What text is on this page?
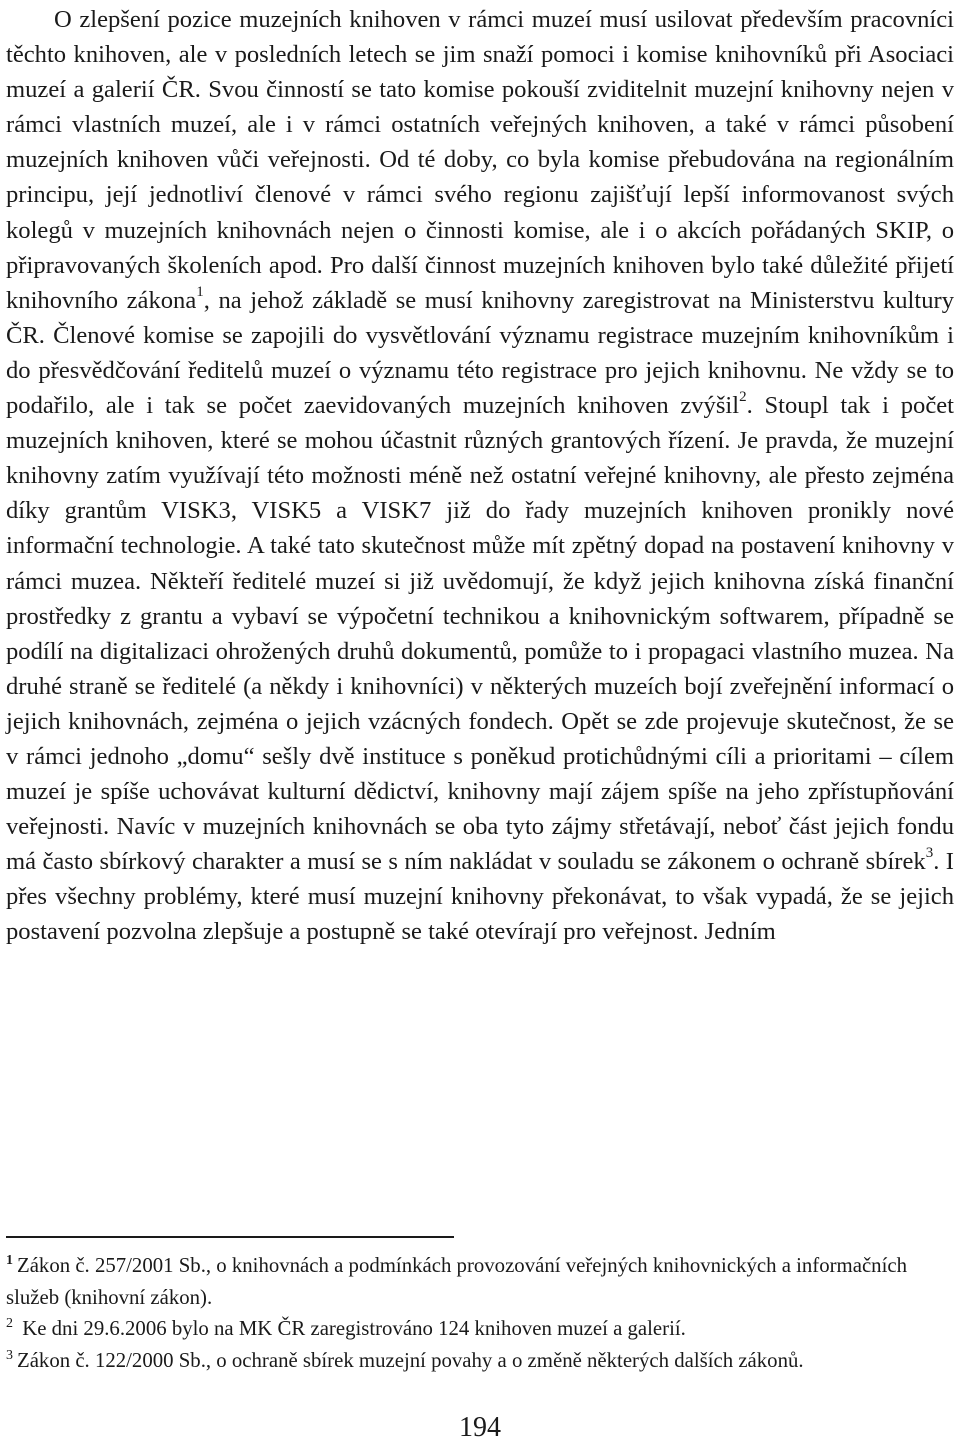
O zlepšení pozice muzejních knihoven v rámci muzeí musí usilovat především pracovníci těchto knihoven, ale v posledních letech se jim snaží pomoci i komise knihovníků při Asociaci muzeí a galerií ČR. Svou činností se tato komise pokouší zviditelnit muzejní knihovny nejen v rámci vlastních muzeí, ale i v rámci ostatních veřejných knihoven, a také v rámci působení muzejních knihoven vůči veřejnosti. Od té doby, co byla komise přebudována na regionálním principu, její jednotliví členové v rámci svého regionu zajišťují lepší informovanost svých kolegů v muzejních knihovnách nejen o činnosti komise, ale i o akcích pořádaných SKIP, o připravovaných školeních apod. Pro další činnost muzejních knihoven bylo také důležité přijetí knihovního zákona$^1$, na jehož základě se musí knihovny zaregistrovat na Ministerstvu kultury ČR. Členové komise se zapojili do vysvětlování významu registrace muzejním knihovníkům i do přesvědčování ředitelů muzeí o významu této registrace pro jejich knihovnu. Ne vždy se to podařilo, ale i tak se počet zaevidovaných muzejních knihoven zvýšil$^2$. Stoupl tak i počet muzejních knihoven, které se mohou účastnit různých grantových řízení. Je pravda, že muzejní knihovny zatím využívají této možnosti méně než ostatní veřejné knihovny, ale přesto zejména díky grantům VISK3, VISK5 a VISK7 již do řady muzejních knihoven pronikly nové informační technologie. A také tato skutečnost může mít zpětný dopad na postavení knihovny v rámci muzea. Někteří ředitelé muzeí si již uvědomují, že když jejich knihovna získá finanční prostředky z grantu a vybaví se výpočetní technikou a knihovnickým softwarem, případně se podílí na digitalizaci ohrožených druhů dokumentů, pomůže to i propagaci vlastního muzea. Na druhé straně se ředitelé (a někdy i knihovníci) v některých muzeích bojí zveřejnění informací o jejich knihovnách, zejména o jejich vzácných fondech. Opět se zde projevuje skutečnost, že se v rámci jednoho „domu“ sešly dvě instituce s poněkud protichůdnými cíli a prioritami – cílem muzeí je spíše uchovávat kulturní dědictví, knihovny mají zájem spíše na jeho zpřístupňování veřejnosti. Navíc v muzejních knihovnách se oba tyto zájmy střetávají, neboť část jejich fondu má často sbírkový charakter a musí se s ním nakládat v souladu se zákonem o ochraně sbírek$^3$. I přes všechny problémy, které musí muzejní knihovny překonávat, to však vypadá, že se jejich postavení pozvolna zlepšuje a postupně se také otevírají pro veřejnost. Jedním

$^1$ Zákon č. 257/2001 Sb., o knihovnách a podmínkách provozování veřejných knihovnických a informačních služeb (knihovní zákon).

$^2$ Ke dni 29.6.2006 bylo na MK ČR zaregistrováno 124 knihoven muzeí a galerií.

$^3$ Zákon č. 122/2000 Sb., o ochraně sbírek muzejní povahy a o změně některých dalších zákonů.

194
